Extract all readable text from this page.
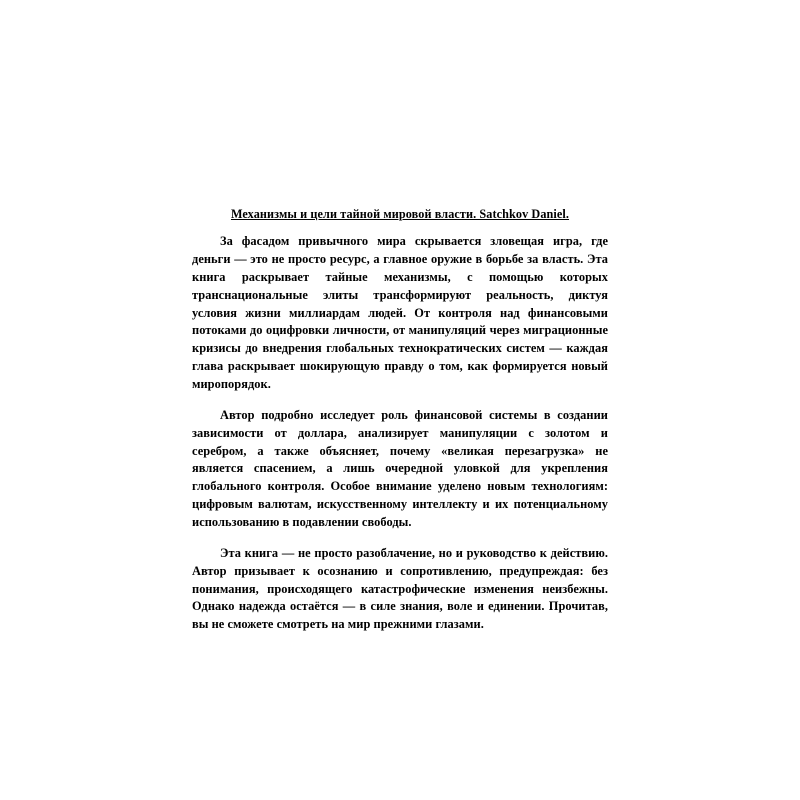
Механизмы и цели тайной мировой власти. Satchkov Daniel.

За фасадом привычного мира скрывается зловещая игра, где деньги — это не просто ресурс, а главное оружие в борьбе за власть. Эта книга раскрывает тайные механизмы, с помощью которых транснациональные элиты трансформируют реальность, диктуя условия жизни миллиардам людей. От контроля над финансовыми потоками до оцифровки личности, от манипуляций через миграционные кризисы до внедрения глобальных технократических систем — каждая глава раскрывает шокирующую правду о том, как формируется новый миропорядок.

Автор подробно исследует роль финансовой системы в создании зависимости от доллара, анализирует манипуляции с золотом и серебром, а также объясняет, почему «великая перезагрузка» не является спасением, а лишь очередной уловкой для укрепления глобального контроля. Особое внимание уделено новым технологиям: цифровым валютам, искусственному интеллекту и их потенциальному использованию в подавлении свободы.

Эта книга — не просто разоблачение, но и руководство к действию. Автор призывает к осознанию и сопротивлению, предупреждая: без понимания, происходящего катастрофические изменения неизбежны. Однако надежда остаётся — в силе знания, воле и единении. Прочитав, вы не сможете смотреть на мир прежними глазами.
